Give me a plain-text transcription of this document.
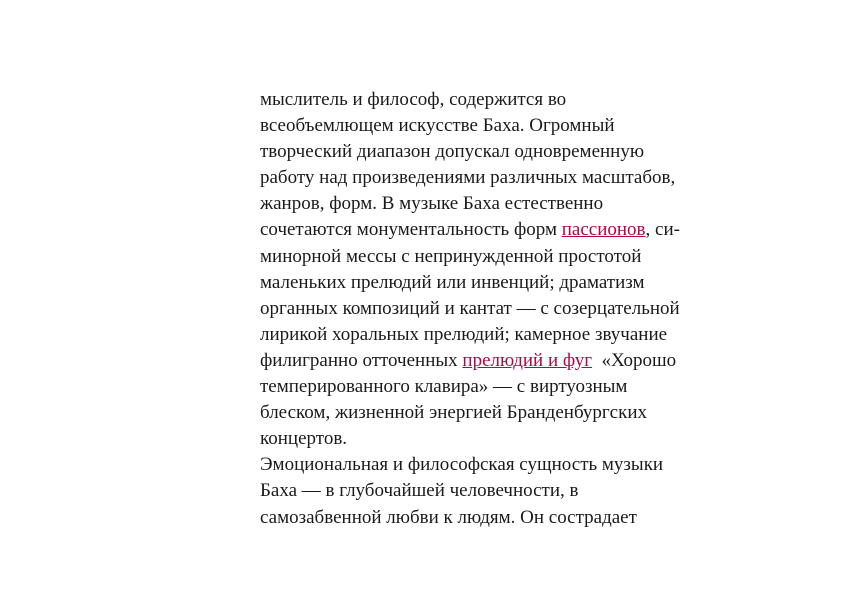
мыслитель и философ, содержится во
всеобъемлющем искусстве Баха. Огромный
творческий диапазон допускал одновременную
работу над произведениями различных масштабов,
жанров, форм. В музыке Баха естественно
сочетаются монументальность форм пассионов, си-
минорной мессы с непринужденной простотой
маленьких прелюдий или инвенций; драматизм
органных композиций и кантат — с созерцательной
лирикой хоральных прелюдий; камерное звучание
филигранно отточенных прелюдий и фуг  «Хорошо
темперированного клавира» — с виртуозным
блеском, жизненной энергией Бранденбургских
концертов.
Эмоциональная и философская сущность музыки
Баха — в глубочайшей человечности, в
самозабвенной любви к людям. Он сострадает
